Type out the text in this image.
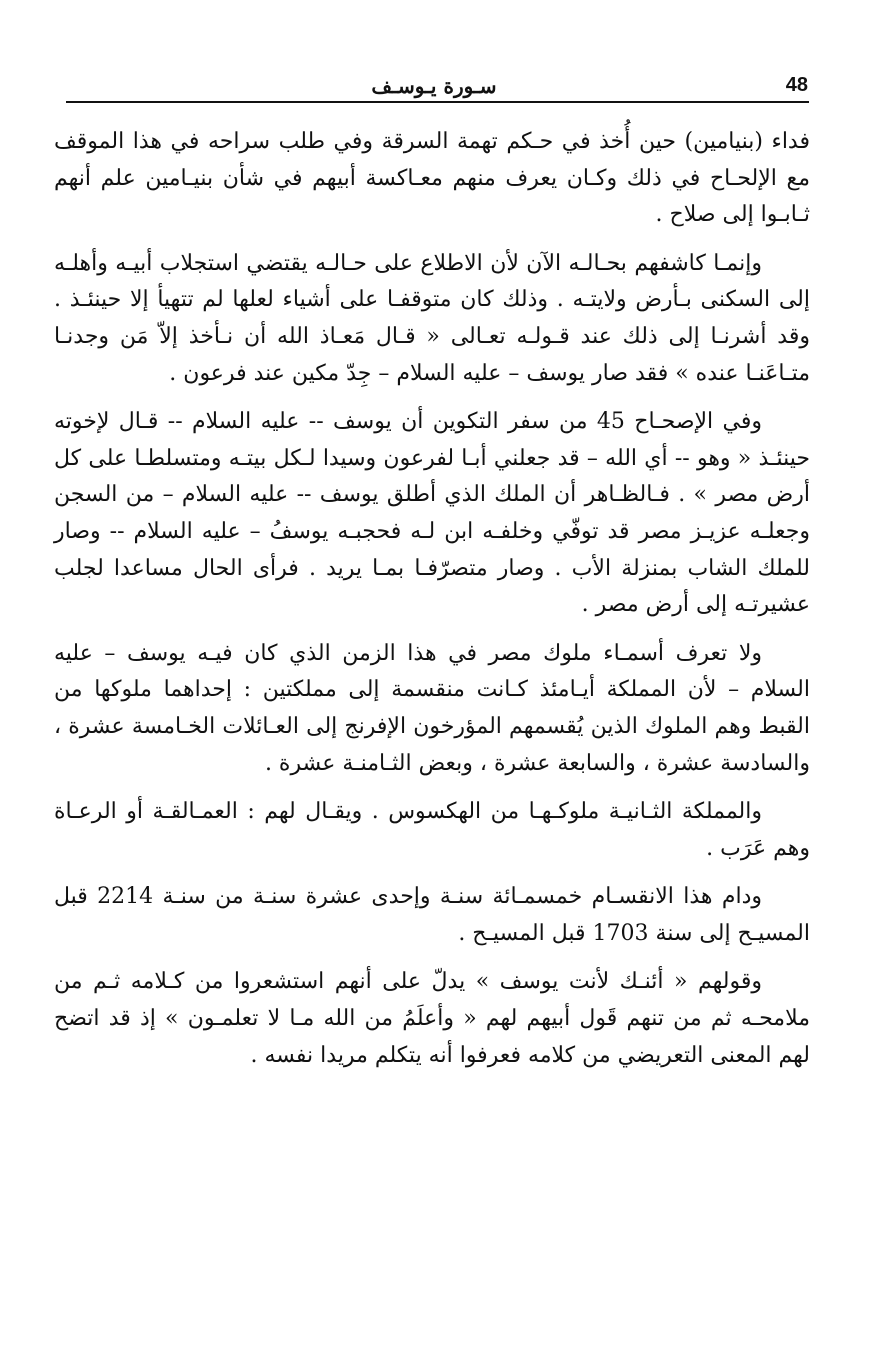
48
سـورة يـوسـف

فداء (بنيامين) حين أُخذ في حـكم تهمة السرقة وفي طلب سراحه في هذا الموقف مع الإلحـاح في ذلك وكـان يعرف منهم معـاكسة أبيهم في شأن بنيـامين علم أنهم ثـابـوا إلى صلاح .

وإنمـا كاشفهم بحـالـه الآن لأن الاطلاع على حـالـه يقتضي استجلاب أبيـه وأهلـه إلى السكنى بـأرض ولايتـه . وذلك كان متوقفـا على أشياء لعلها لم تتهيأ إلا حينئـذ . وقد أشرنـا إلى ذلك عند قـولـه تعـالى « قـال مَعـاذ الله أن نـأخذ إلاّ مَن وجدنـا متـاعَنـا عنده » فقد صار يوسف – عليه السلام – جِدّ مكين عند فرعون .

وفي الإصحـاح 45 من سفر التكوين أن يوسف -- عليه السلام -- قـال لإخوته حينئـذ « وهو -- أي الله – قد جعلني أبـا لفرعون وسيدا لـكل بيتـه ومتسلطـا على كل أرض مصر » . فـالظـاهر أن الملك الذي أطلق يوسف -- عليه السلام – من السجن وجعلـه عزيـز مصر قد توفّي وخلفـه ابن لـه فحجبـه يوسفُ – عليه السلام -- وصار للملك الشاب بمنزلة الأب . وصار متصرّفـا بمـا يريد . فرأى الحال مساعدا لجلب عشيرتـه إلى أرض مصر .

ولا تعرف أسمـاء ملوك مصر في هذا الزمن الذي كان فيـه يوسف – عليه السلام – لأن المملكة أيـامئذ كـانت منقسمة إلى مملكتين : إحداهما ملوكها من القبط وهم الملوك الذين يُقسمهم المؤرخون الإفرنج إلى العـائلات الخـامسة عشرة ، والسادسة عشرة ، والسابعة عشرة ، وبعض الثـامنـة عشرة .

والمملكة الثـانيـة ملوكـهـا من الهكسوس . ويقـال لهم : العمـالقـة أو الرعـاة وهم عَرَب .

ودام هذا الانقسـام خمسمـائة سنـة وإحدى عشرة سنـة من سنـة 2214 قبل المسيـح إلى سنة 1703 قبل المسيـح .

وقولهم « أئنـك لأنت يوسف » يدلّ على أنهم استشعروا من كـلامه ثـم من ملامحـه ثم من تنهم قَول أبيهم لهم « وأعلَمُ من الله مـا لا تعلمـون » إذ قد اتضح لهم المعنى التعريضي من كلامه فعرفوا أنه يتكلم مريدا نفسه .
